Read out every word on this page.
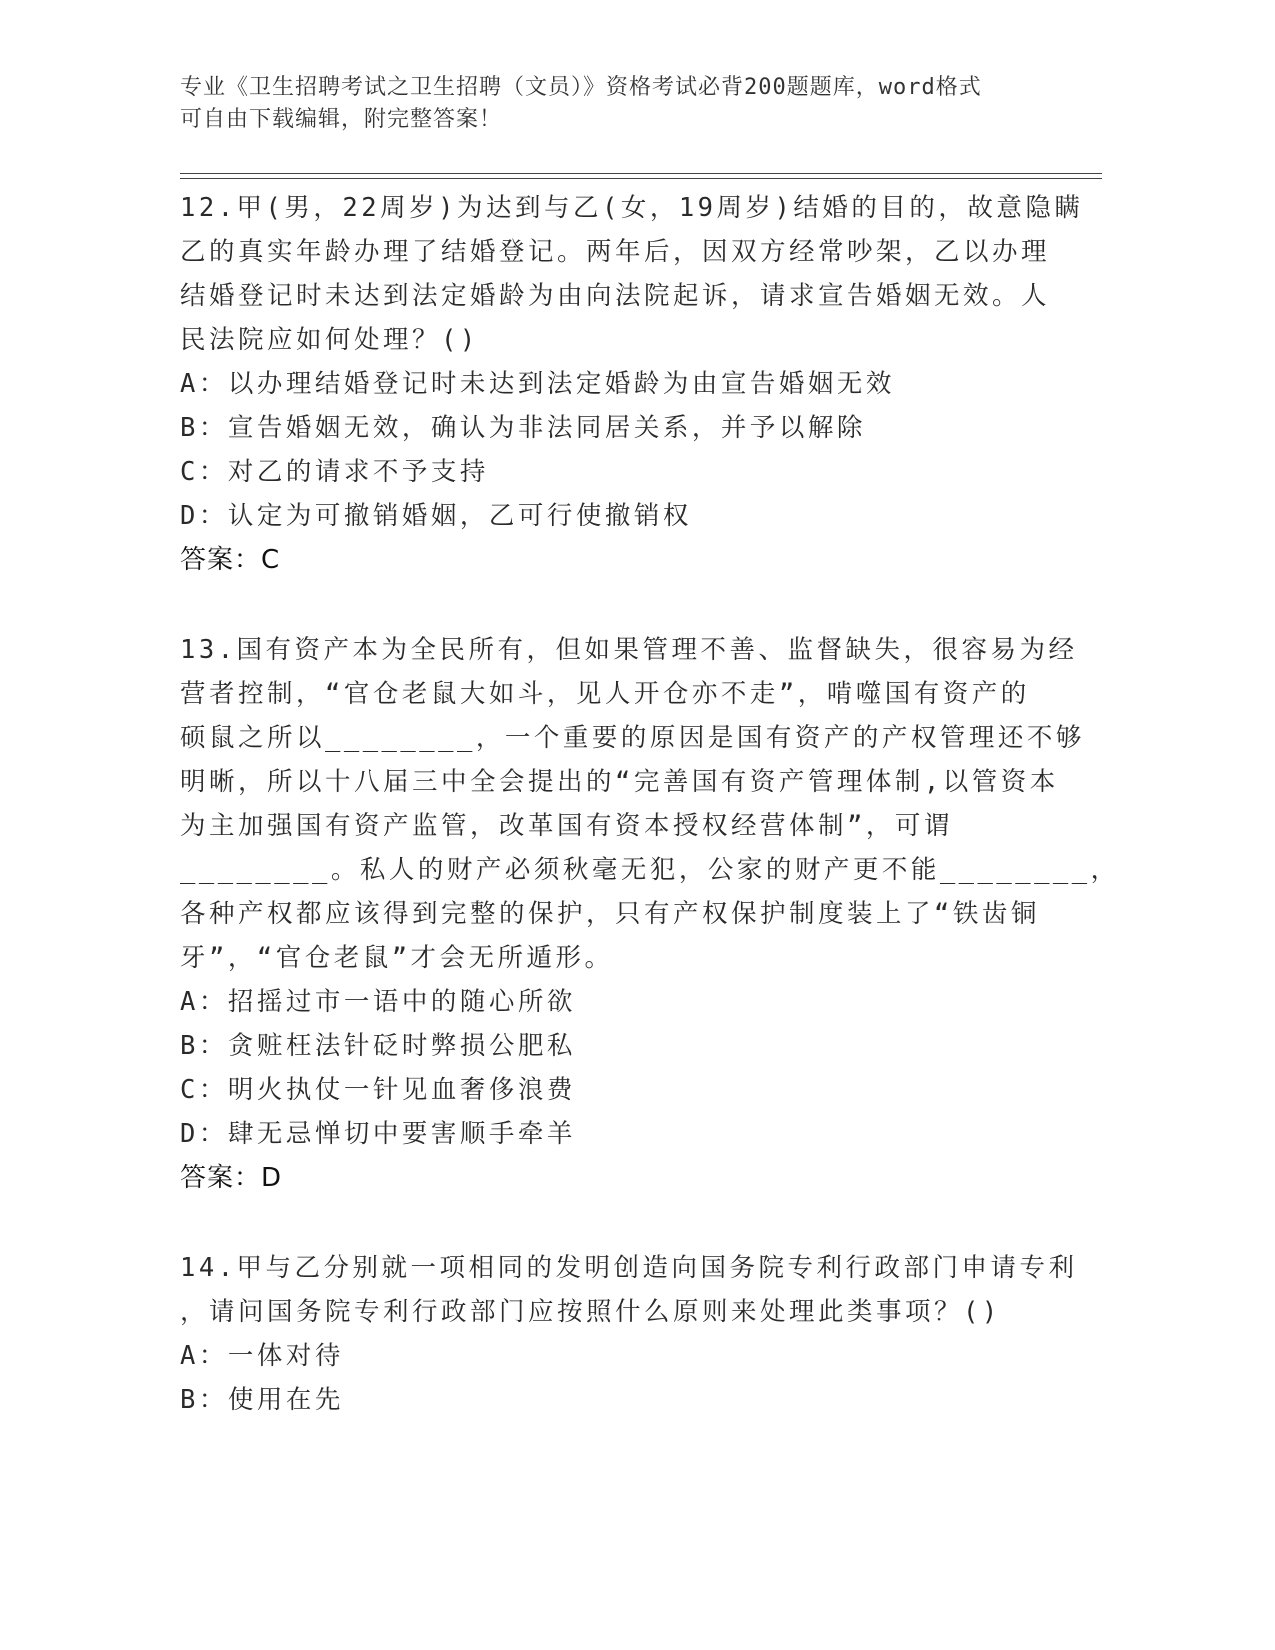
专业《卫生招聘考试之卫生招聘（文员）》资格考试必背200题题库，word格式
可自由下载编辑，附完整答案！
12.甲(男，22周岁)为达到与乙(女，19周岁)结婚的目的，故意隐瞒
乙的真实年龄办理了结婚登记。两年后，因双方经常吵架，乙以办理
结婚登记时未达到法定婚龄为由向法院起诉，请求宣告婚姻无效。人
民法院应如何处理？()
A：以办理结婚登记时未达到法定婚龄为由宣告婚姻无效
B：宣告婚姻无效，确认为非法同居关系，并予以解除
C：对乙的请求不予支持
D：认定为可撤销婚姻，乙可行使撤销权
答案：C
13.国有资产本为全民所有，但如果管理不善、监督缺失，很容易为经
营者控制，“官仓老鼠大如斗，见人开仓亦不走”，啃噬国有资产的
硕鼠之所以________，一个重要的原因是国有资产的产权管理还不够
明晰，所以十八届三中全会提出的“完善国有资产管理体制,以管资本
为主加强国有资产监管，改革国有资本授权经营体制”，可谓
________。私人的财产必须秋毫无犯，公家的财产更不能________，
各种产权都应该得到完整的保护，只有产权保护制度装上了“铁齿铜
牙”，“官仓老鼠”才会无所遁形。
A：招摇过市一语中的随心所欲
B：贪赃枉法针砭时弊损公肥私
C：明火执仗一针见血奢侈浪费
D：肆无忌惮切中要害顺手牵羊
答案：D
14.甲与乙分别就一项相同的发明创造向国务院专利行政部门申请专利
，请问国务院专利行政部门应按照什么原则来处理此类事项？()
A：一体对待
B：使用在先
